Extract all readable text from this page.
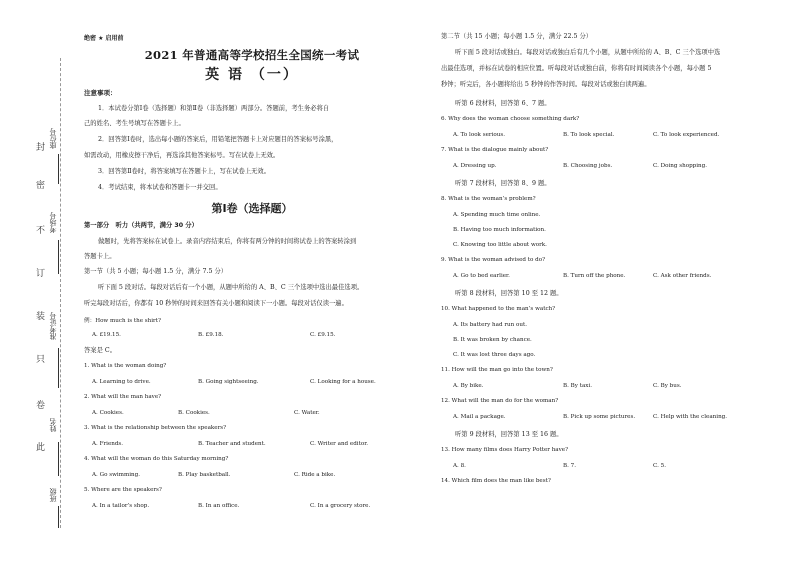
封
密
不
订
装
只
卷
此
座位号
考场号
准考证号
姓名
班级
绝密 ★ 启用前
2021 年普通高等学校招生全国统一考试
英 语 （一）
注意事项：
1．本试卷分第Ⅰ卷（选择题）和第Ⅱ卷（非选择题）两部分。答题前，考生务必将自
己的姓名、考生号填写在答题卡上。
2．回答第Ⅰ卷时，选出每小题的答案后，用铅笔把答题卡上对应题目的答案标号涂黑，
如需改动，用橡皮擦干净后，再选涂其他答案标号。写在试卷上无效。
3．回答第Ⅱ卷时，将答案填写在答题卡上，写在试卷上无效。
4．考试结束，将本试卷和答题卡一并交回。
第Ⅰ卷（选择题）
第一部分　听力（共两节，满分 30 分）
做题时，先将答案标在试卷上。录音内容结束后，你将有两分钟的时间将试卷上的答案转涂到
答题卡上。
第一节（共 5 小题；每小题 1.5 分，满分 7.5 分）
听下面 5 段对话。每段对话后有一个小题，从题中所给的 A、B、C 三个选项中选出最佳选项。
听完每段对话后，你都有 10 秒钟的时间来回答有关小题和阅读下一小题。每段对话仅读一遍。
例：How much is the shirt?
A. £19.15.	B. £9.18.	C. £9.15.
答案是 C。
1. What is the woman doing?
A. Learning to drive.	B. Going sightseeing.	C. Looking for a house.
2. What will the man have?
A. Cookies.	B. Cookies.	C. Water.
3. What is the relationship between the speakers?
A. Friends.	B. Teacher and student.	C. Writer and editor.
4. What will the woman do this Saturday morning?
A. Go swimming.	B. Play basketball.	C. Ride a bike.
5. Where are the speakers?
A. In a tailor’s shop.	B. In an office.	C. In a grocery store.
第二节（共 15 小题；每小题 1.5 分，满分 22.5 分）
听下面 5 段对话或独白。每段对话或独白后有几个小题，从题中所给的 A、B、C 三个选项中选
出最佳选项，并标在试卷的相应位置。听每段对话或独白前，你将有时间阅读各个小题，每小题 5
秒钟；听完后，各小题将给出 5 秒钟的作答时间。每段对话或独白读两遍。
听第 6 段材料，回答第 6、7 题。
6. Why does the woman choose something dark?
A. To look serious.	B. To look special.	C. To look experienced.
7. What is the dialogue mainly about?
A. Dressing up.	B. Choosing jobs.	C. Doing shopping.
听第 7 段材料，回答第 8、9 题。
8. What is the woman’s problem?
A. Spending much time online.
B. Having too much information.
C. Knowing too little about work.
9. What is the woman advised to do?
A. Go to bed earlier.	B. Turn off the phone.	C. Ask other friends.
听第 8 段材料，回答第 10 至 12 题。
10. What happened to the man’s watch?
A. Its battery had run out.
B. It was broken by chance.
C. It was lost three days ago.
11. How will the man go into the town?
A. By bike.	B. By taxi.	C. By bus.
12. What will the man do for the woman?
A. Mail a package.	B. Pick up some pictures.	C. Help with the cleaning.
听第 9 段材料，回答第 13 至 16 题。
13. How many films does Harry Potter have?
A. 8.	B. 7.	C. 5.
14. Which film does the man like best?
